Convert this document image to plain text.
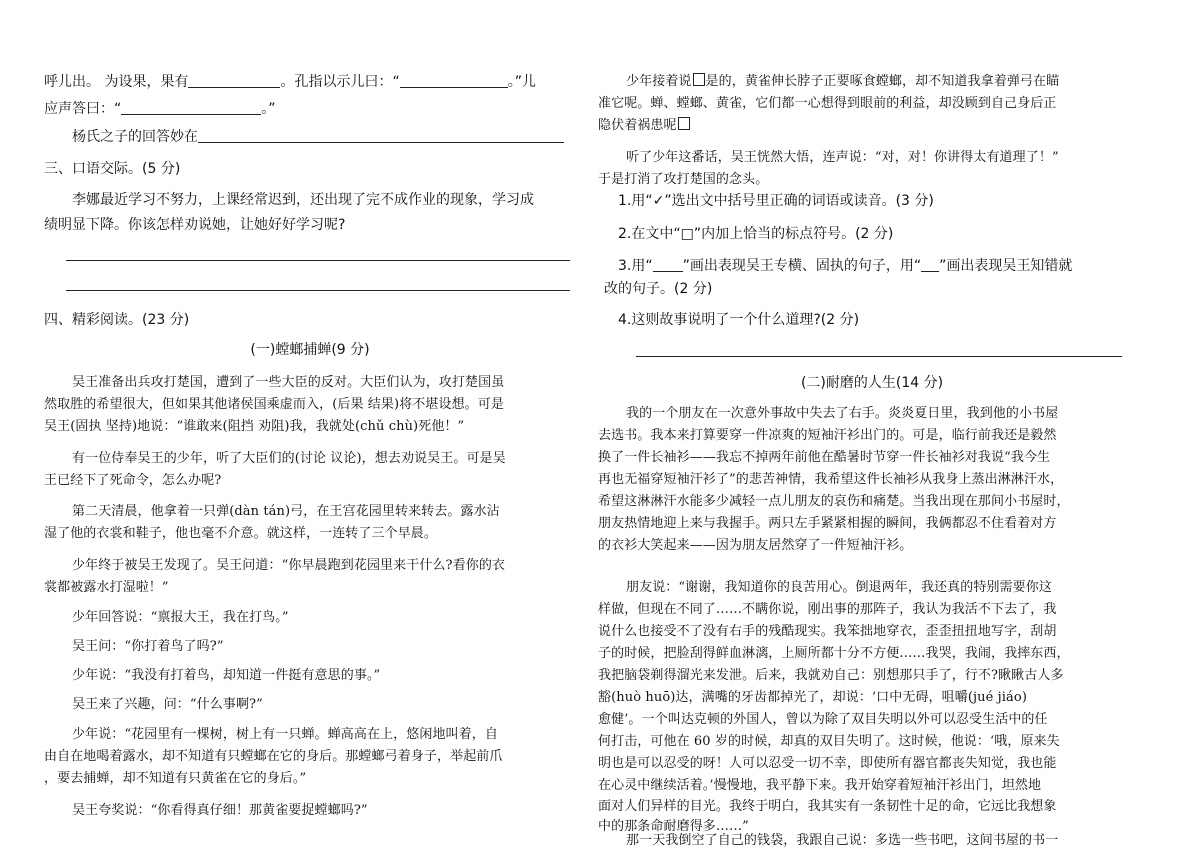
呼儿出。 为设果，果有	。孔指以示儿曰：“	。”儿
应声答曰：“	。”
杨氏之子的回答妙在
三、口语交际。(5 分)
李娜最近学习不努力，上课经常迟到，还出现了完不成作业的现象，学习成
绩明显下降。你该怎样劝说她，让她好好学习呢?
四、精彩阅读。(23 分)
(一)螳螂捕蝉(9 分)
吴王准备出兵攻打楚国，遭到了一些大臣的反对。大臣们认为，攻打楚国虽
然取胜的希望很大，但如果其他诸侯国乘虚而入，(后果 结果)将不堪设想。可是
吴王(固执 坚持)地说：“谁敢来(阻挡 劝阻)我，我就处(chǔ chù)死他！”
有一位侍奉吴王的少年，听了大臣们的(讨论 议论)，想去劝说吴王。可是吴
王已经下了死命令，怎么办呢?
第二天清晨，他拿着一只弹(dàn tán)弓，在王宫花园里转来转去。露水沾
湿了他的衣裳和鞋子，他也毫不介意。就这样，一连转了三个早晨。
少年终于被吴王发现了。吴王问道：“你早晨跑到花园里来干什么?看你的衣
裳都被露水打湿啦！”
少年回答说：“禀报大王，我在打鸟。”
吴王问：“你打着鸟了吗?”
少年说：“我没有打着鸟，却知道一件挺有意思的事。”
吴王来了兴趣，问：“什么事啊?”
少年说：“花园里有一棵树，树上有一只蝉。蝉高高在上，悠闲地叫着，自
由自在地喝着露水，却不知道有只螳螂在它的身后。那螳螂弓着身子，举起前爪
，要去捕蝉，却不知道有只黄雀在它的身后。”
吴王夸奖说：“你看得真仔细！那黄雀要捉螳螂吗?”
少年接着说 是的，黄雀伸长脖子正要啄食螳螂，却不知道我拿着弹弓在瞄
准它呢。蝉、螳螂、黄雀，它们都一心想得到眼前的利益，却没顾到自己身后正
隐伏着祸患呢
听了少年这番话，吴王恍然大悟，连声说：“对，对！你讲得太有道理了！”
于是打消了攻打楚国的念头。
1.用“✓”选出文中括号里正确的词语或读音。(3 分)
2.在文中“□”内加上恰当的标点符号。(2 分)
3.用“ ”画出表现吴王专横、固执的句子，用“ ”画出表现吴王知错就
改的句子。(2 分)
4.这则故事说明了一个什么道理?(2 分)
(二)耐磨的人生(14 分)
我的一个朋友在一次意外事故中失去了右手。炎炎夏日里，我到他的小书屋
去选书。我本来打算要穿一件凉爽的短袖汗衫出门的。可是，临行前我还是毅然
换了一件长袖衫——我忘不掉两年前他在酷暑时节穿一件长袖衫对我说“我今生
再也无福穿短袖汗衫了”的悲苦神情，我希望这件长袖衫从我身上蒸出淋淋汗水，
希望这淋淋汗水能多少减轻一点儿朋友的哀伤和痛楚。当我出现在那间小书屋时，
朋友热情地迎上来与我握手。两只左手紧紧相握的瞬间，我俩都忍不住看着对方
的衣衫大笑起来——因为朋友居然穿了一件短袖汗衫。
朋友说：“谢谢，我知道你的良苦用心。倒退两年，我还真的特别需要你这
样做，但现在不同了……不瞒你说，刚出事的那阵子，我认为我活不下去了，我
说什么也接受不了没有右手的残酷现实。我笨拙地穿衣，歪歪扭扭地写字，刮胡
子的时候，把脸刮得鲜血淋漓，上厕所都十分不方便……我哭，我闹，我摔东西，
我把脑袋剃得溜光来发泄。后来，我就劝自己：别想那只手了，行不?瞅瞅古人多
豁(huò huō)达，满嘴的牙齿都掉光了，却说：‘口中无碍，咀嚼(jué jiáo)
愈健’。一个叫达克顿的外国人，曾以为除了双目失明以外可以忍受生活中的任
何打击，可他在 60 岁的时候，却真的双目失明了。这时候，他说：‘哦，原来失
明也是可以忍受的呀！人可以忍受一切不幸，即使所有器官都丧失知觉，我也能
在心灵中继续活着。’慢慢地，我平静下来。我开始穿着短袖汗衫出门，坦然地
面对人们异样的目光。我终于明白，我其实有一条韧性十足的命，它远比我想象
中的那条命耐磨得多……”
那一天我倒空了自己的钱袋，我跟自己说：多选一些书吧，这间书屋的书一
